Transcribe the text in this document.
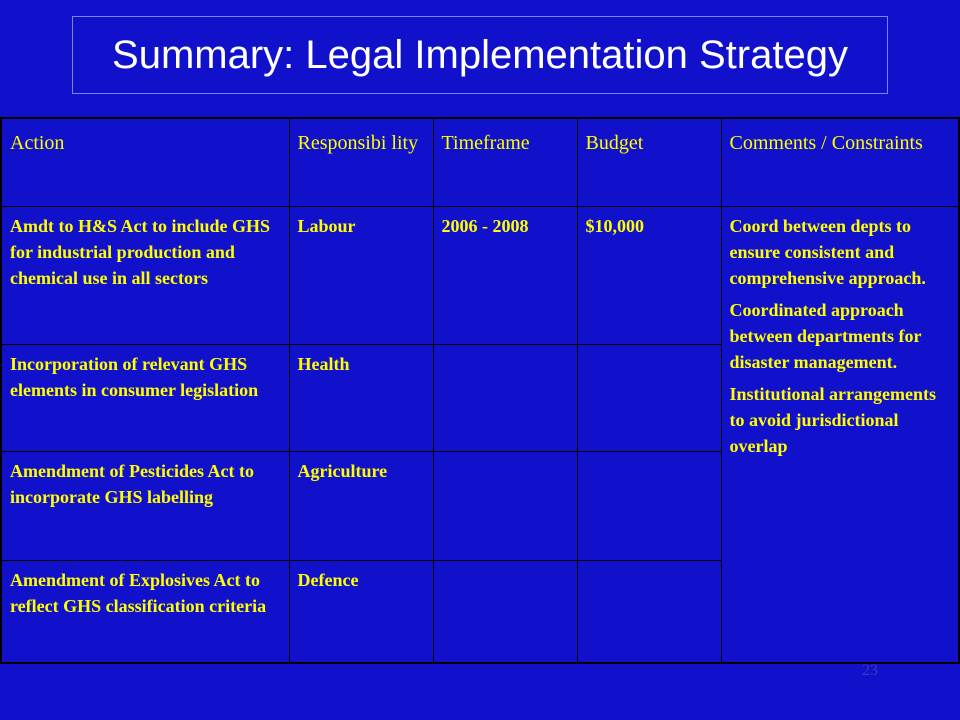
Summary: Legal Implementation Strategy
Action	Responsibi lity	Timeframe	Budget	Comments / Constraints
Amdt to H&S Act to include GHS for industrial production and chemical use in all sectors	Labour	2006 - 2008	$10,000	Coord between depts to ensure consistent and comprehensive approach.

Coordinated approach between departments for disaster management.

Institutional arrangements to avoid jurisdictional overlap

Incorporation of relevant GHS elements in consumer legislation	Health			
Amendment of Pesticides Act to incorporate GHS labelling	Agriculture			
Amendment of Explosives Act to reflect GHS classification criteria	Defence			
23
